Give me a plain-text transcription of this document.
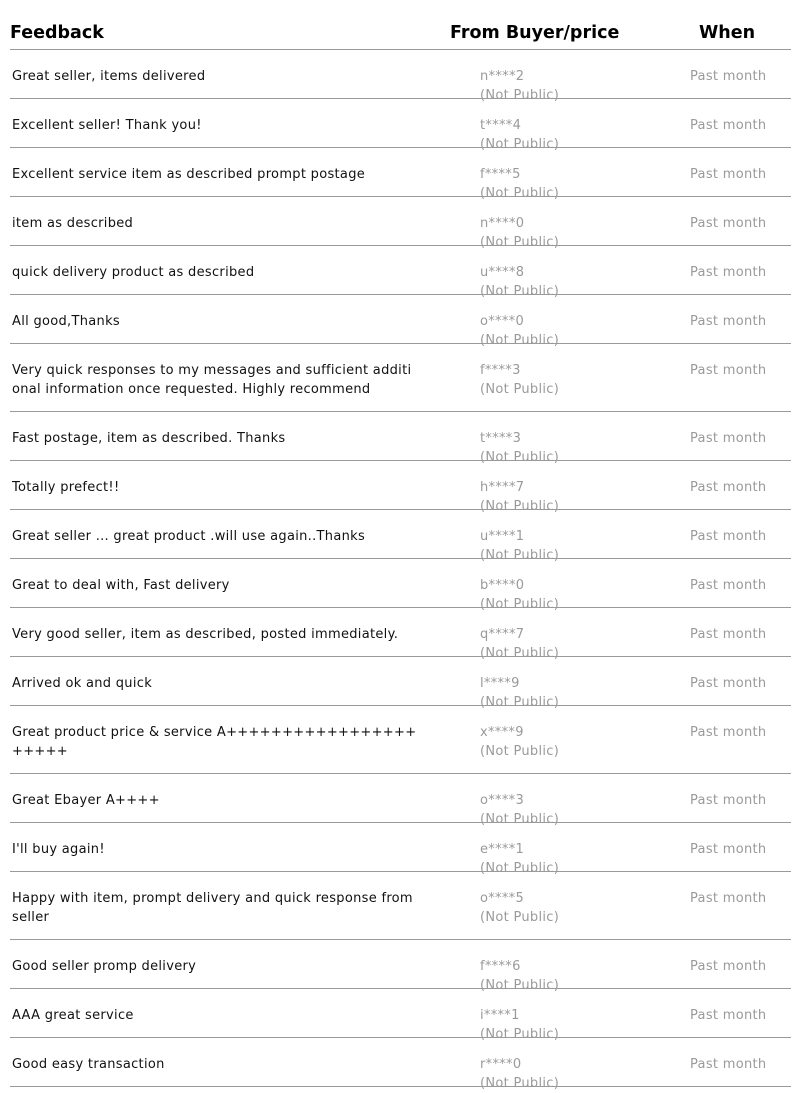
Feedback	From Buyer/price	When
Great seller, items delivered	n****2
(Not Public)
Past month
Excellent seller! Thank you!	t****4
(Not Public)
Past month
Excellent service item as described prompt postage	f****5
(Not Public)
Past month
item as described	n****0
(Not Public)
Past month
quick delivery product as described	u****8
(Not Public)
Past month
All good,Thanks	o****0
(Not Public)
Past month
Very quick responses to my messages and sufficient additional information once requested. Highly recommend
f****3
(Not Public)
Past month
Fast postage, item as described. Thanks	t****3
(Not Public)
Past month
Totally prefect!!	h****7
(Not Public)
Past month
Great seller ... great product .will use again..Thanks	u****1
(Not Public)
Past month
Great to deal with, Fast delivery	b****0
(Not Public)
Past month
Very good seller, item as described, posted immediately.	q****7
(Not Public)
Past month
Arrived ok and quick	l****9
(Not Public)
Past month
Great product price & service A++++++++++++++++++++++
x****9
(Not Public)
Past month
Great Ebayer A++++	o****3
(Not Public)
Past month
I'll buy again!	e****1
(Not Public)
Past month
Happy with item, prompt delivery and quick response from seller
o****5
(Not Public)
Past month
Good seller promp delivery	f****6
(Not Public)
Past month
AAA great service	i****1
(Not Public)
Past month
Good easy transaction	r****0
(Not Public)
Past month
